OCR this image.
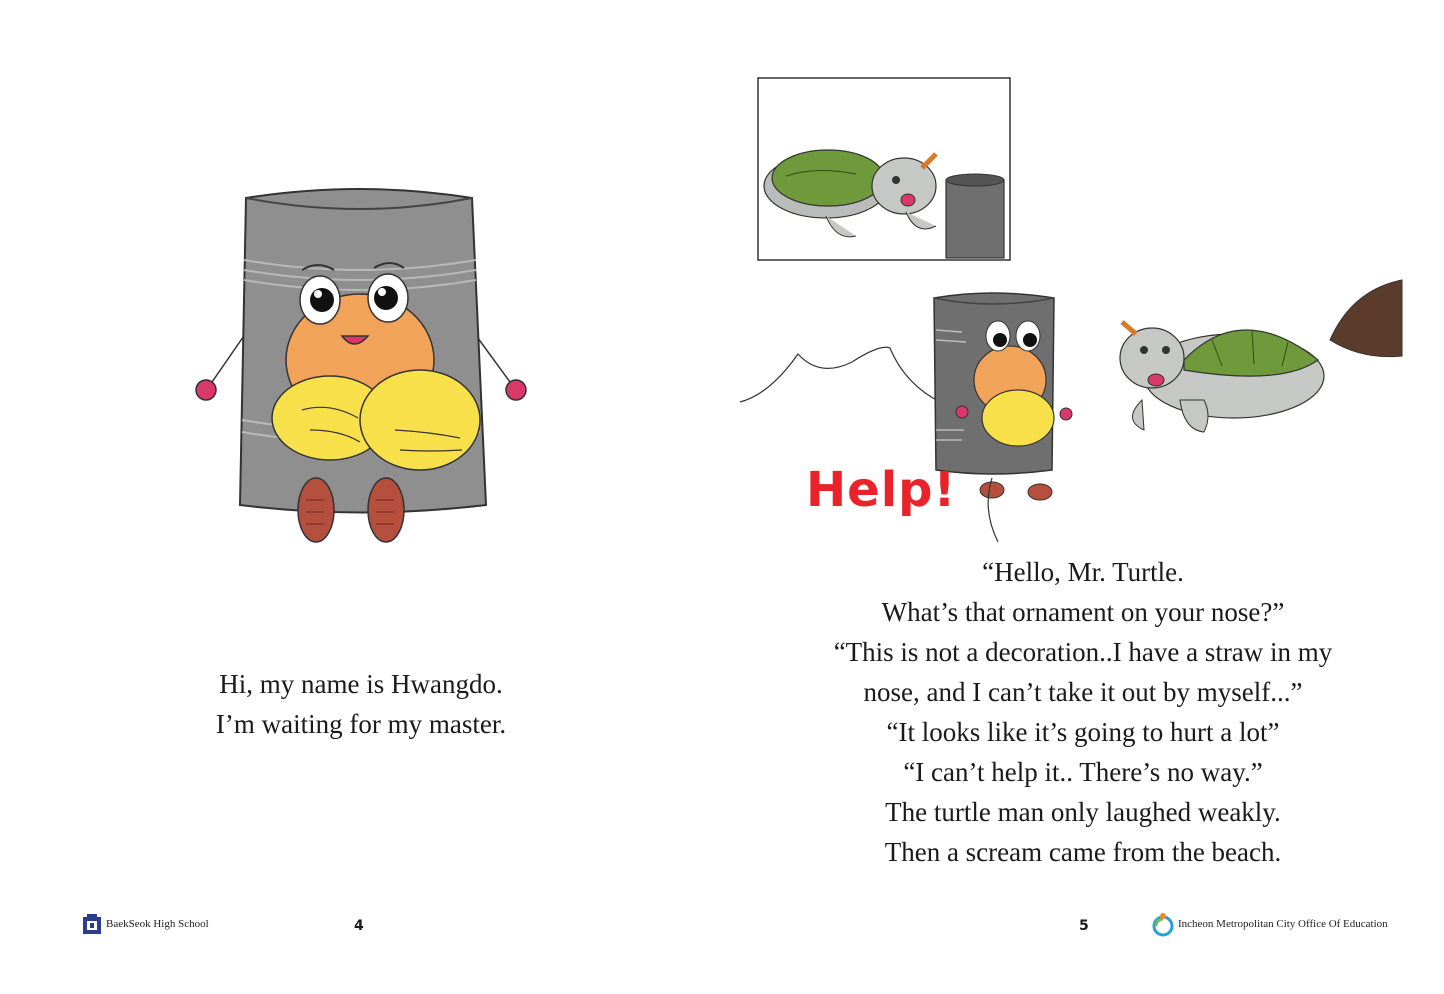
Hi, my name is Hwangdo.
I’m waiting for my master.
BaekSeok High School	4
Help!
“Hello, Mr. Turtle.
What’s that ornament on your nose?”
“This is not a decoration..I have a straw in my
nose, and I can’t take it out by myself...”
“It looks like it’s going to hurt a lot”
“I can’t help it.. There’s no way.”
The turtle man only laughed weakly.
Then a scream came from the beach.
5	Incheon Metropolitan City Office Of Education
